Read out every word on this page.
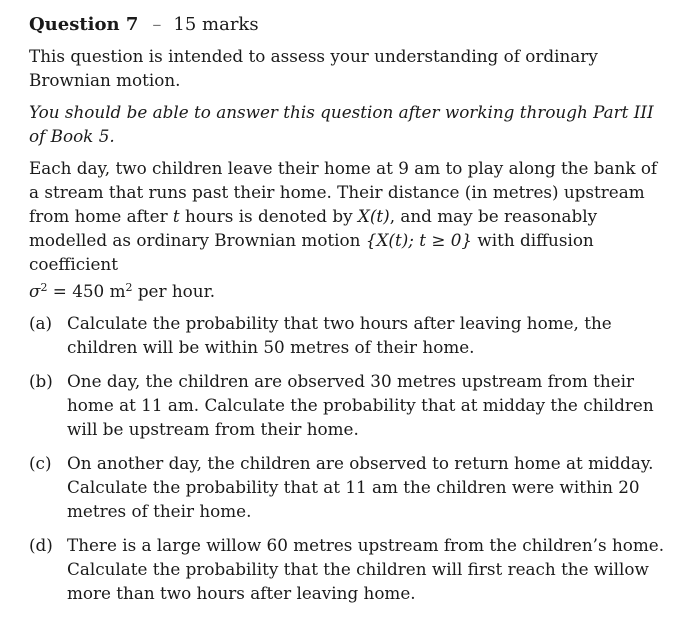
Question 7 – 15 marks

This question is intended to assess your understanding of ordinary Brownian motion.

You should be able to answer this question after working through Part III of Book 5.

Each day, two children leave their home at 9 am to play along the bank of a stream that runs past their home. Their distance (in metres) upstream from home after t hours is denoted by X(t), and may be reasonably modelled as ordinary Brownian motion {X(t); t ≥ 0} with diffusion coefficient
$\sigma^2 = 450$ $m^2$ per hour.

(a) Calculate the probability that two hours after leaving home, the children will be within 50 metres of their home.
(b) One day, the children are observed 30 metres upstream from their home at 11 am. Calculate the probability that at midday the children will be upstream from their home.
(c) On another day, the children are observed to return home at midday. Calculate the probability that at 11 am the children were within 20 metres of their home.
(d) There is a large willow 60 metres upstream from the children’s home. Calculate the probability that the children will first reach the willow more than two hours after leaving home.
